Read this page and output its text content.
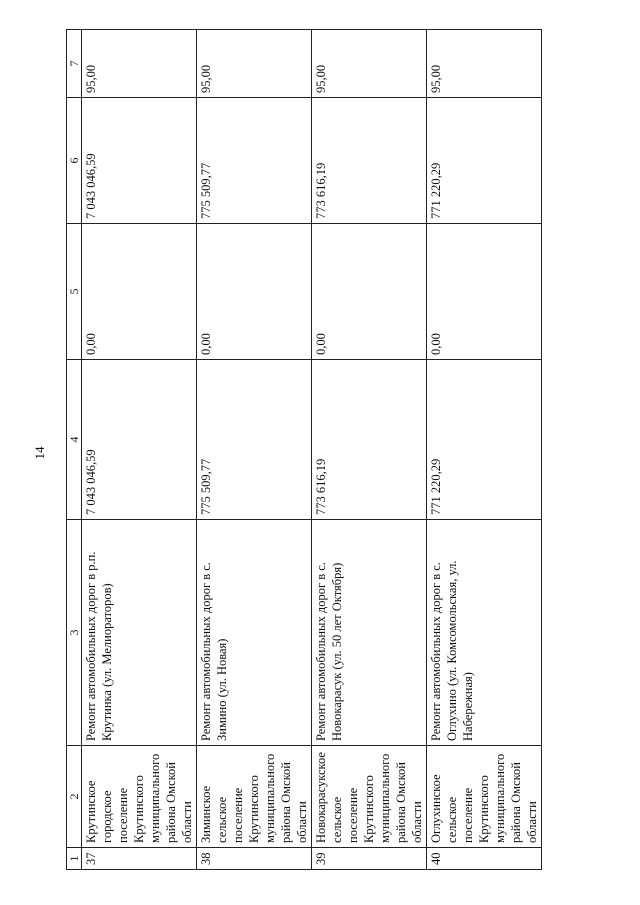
14
1	2	3	4	5	6	7
37	Крутинское городское поселение Крутинского муниципального района Омской области	Ремонт автомобильных дорог в р.п. Крутинка (ул. Мелиораторов)	7 043 046,59	0,00	7 043 046,59	95,00
38	Зиминское сельское поселение Крутинского муниципального района Омской области	Ремонт автомобильных дорог в с. Зимино (ул. Новая)	775 509,77	0,00	775 509,77	95,00
39	Новокарасукское сельское поселение Крутинского муниципального района Омской области	Ремонт автомобильных дорог в с. Новокарасук (ул. 50 лет Октября)	773 616,19	0,00	773 616,19	95,00
40	Оглухинское сельское поселение Крутинского муниципального района Омской области	Ремонт автомобильных дорог в с. Оглухино (ул. Комсомольская, ул. Набережная)	771 220,29	0,00	771 220,29	95,00
